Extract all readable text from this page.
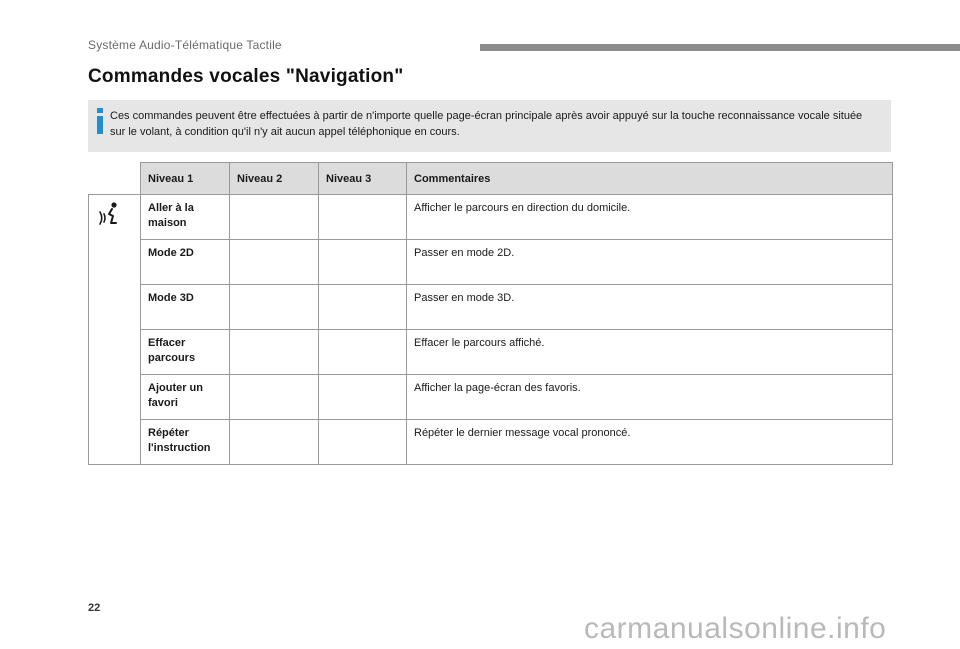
Système Audio-Télématique Tactile
Commandes vocales "Navigation"
Ces commandes peuvent être effectuées à partir de n'importe quelle page-écran principale après avoir appuyé sur la touche reconnaissance vocale située sur le volant, à condition qu'il n'y ait aucun appel téléphonique en cours.
	Niveau 1	Niveau 2	Niveau 3	Commentaires
	Aller à la maison			Afficher le parcours en direction du domicile.
	Mode 2D			Passer en mode 2D.
	Mode 3D			Passer en mode 3D.
	Effacer parcours			Effacer le parcours affiché.
	Ajouter un favori			Afficher la page-écran des favoris.
	Répéter l'instruction			Répéter le dernier message vocal prononcé.
22
carmanualsonline.info
